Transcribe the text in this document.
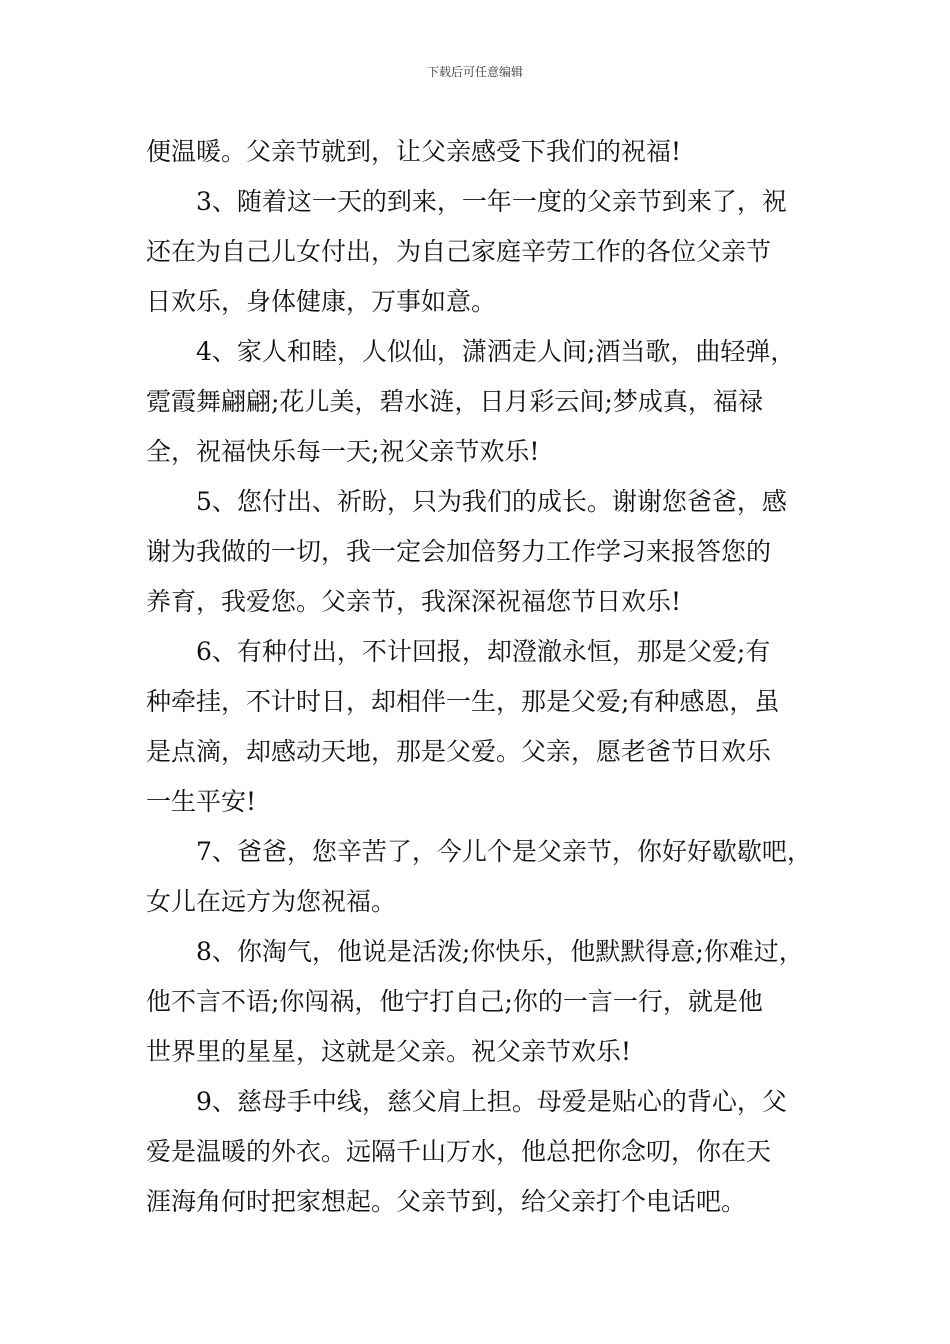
下载后可任意编辑
便温暖。父亲节就到，让父亲感受下我们的祝福!
3、随着这一天的到来，一年一度的父亲节到来了，祝
还在为自己儿女付出，为自己家庭辛劳工作的各位父亲节
日欢乐，身体健康，万事如意。
4、家人和睦，人似仙，潇洒走人间;酒当歌，曲轻弹，
霓霞舞翩翩;花儿美，碧水涟，日月彩云间;梦成真，福禄
全，祝福快乐每一天;祝父亲节欢乐!
5、您付出、祈盼，只为我们的成长。谢谢您爸爸，感
谢为我做的一切，我一定会加倍努力工作学习来报答您的
养育，我爱您。父亲节，我深深祝福您节日欢乐!
6、有种付出，不计回报，却澄澈永恒，那是父爱;有
种牵挂，不计时日，却相伴一生，那是父爱;有种感恩，虽
是点滴，却感动天地，那是父爱。父亲，愿老爸节日欢乐
一生平安!
7、爸爸，您辛苦了，今儿个是父亲节，你好好歇歇吧，
女儿在远方为您祝福。
8、你淘气，他说是活泼;你快乐，他默默得意;你难过，
他不言不语;你闯祸，他宁打自己;你的一言一行，就是他
世界里的星星，这就是父亲。祝父亲节欢乐!
9、慈母手中线，慈父肩上担。母爱是贴心的背心，父
爱是温暖的外衣。远隔千山万水，他总把你念叨，你在天
涯海角何时把家想起。父亲节到，给父亲打个电话吧。
